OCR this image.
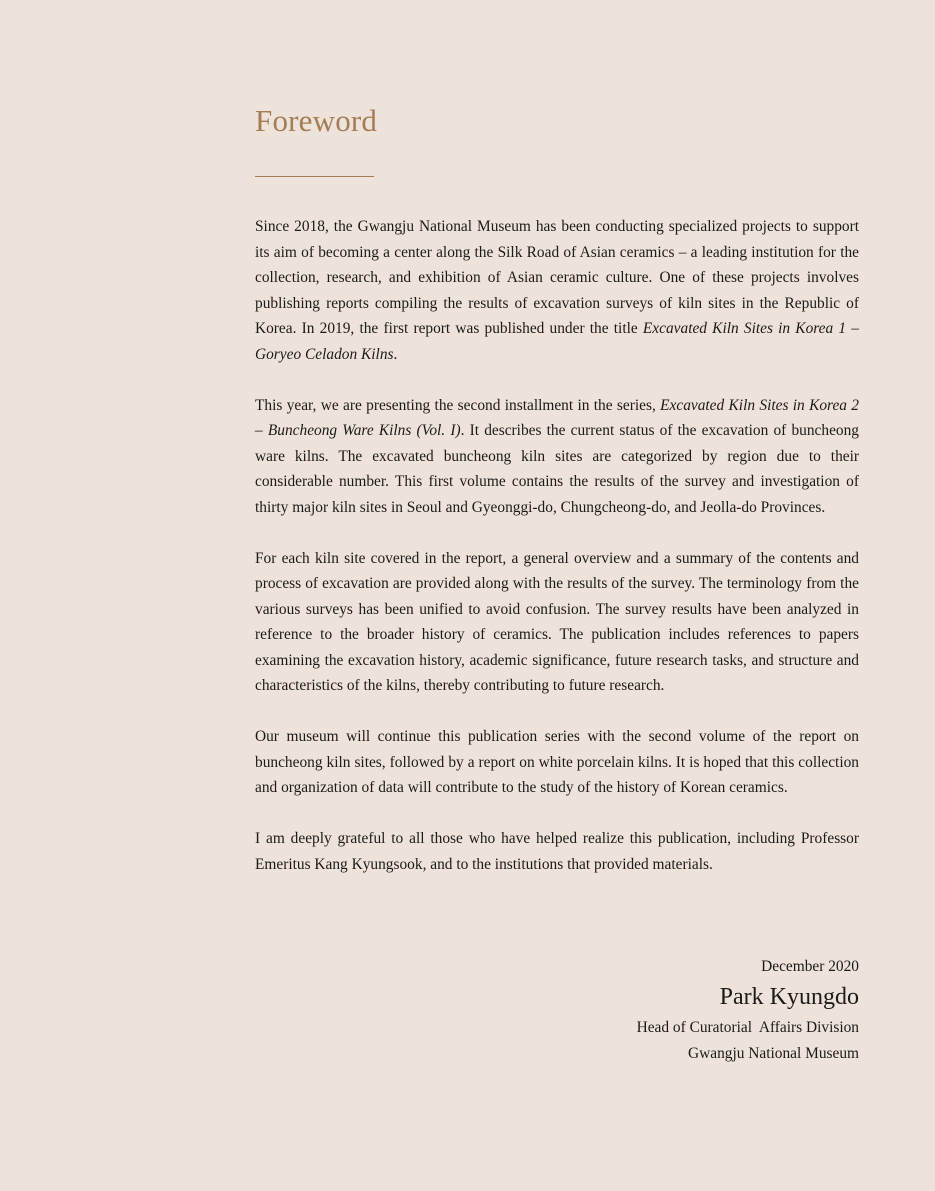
Foreword

Since 2018, the Gwangju National Museum has been conducting specialized projects to support its aim of becoming a center along the Silk Road of Asian ceramics – a leading institution for the collection, research, and exhibition of Asian ceramic culture. One of these projects involves publishing reports compiling the results of excavation surveys of kiln sites in the Republic of Korea. In 2019, the first report was published under the title Excavated Kiln Sites in Korea 1 – Goryeo Celadon Kilns.

This year, we are presenting the second installment in the series, Excavated Kiln Sites in Korea 2 – Buncheong Ware Kilns (Vol. I). It describes the current status of the excavation of buncheong ware kilns. The excavated buncheong kiln sites are categorized by region due to their considerable number. This first volume contains the results of the survey and investigation of thirty major kiln sites in Seoul and Gyeonggi-do, Chungcheong-do, and Jeolla-do Provinces.

For each kiln site covered in the report, a general overview and a summary of the contents and process of excavation are provided along with the results of the survey. The terminology from the various surveys has been unified to avoid confusion. The survey results have been analyzed in reference to the broader history of ceramics. The publication includes references to papers examining the excavation history, academic significance, future research tasks, and structure and characteristics of the kilns, thereby contributing to future research.

Our museum will continue this publication series with the second volume of the report on buncheong kiln sites, followed by a report on white porcelain kilns. It is hoped that this collection and organization of data will contribute to the study of the history of Korean ceramics.

I am deeply grateful to all those who have helped realize this publication, including Professor Emeritus Kang Kyungsook, and to the institutions that provided materials.

December 2020
Park Kyungdo
Head of Curatorial  Affairs Division
Gwangju National Museum
